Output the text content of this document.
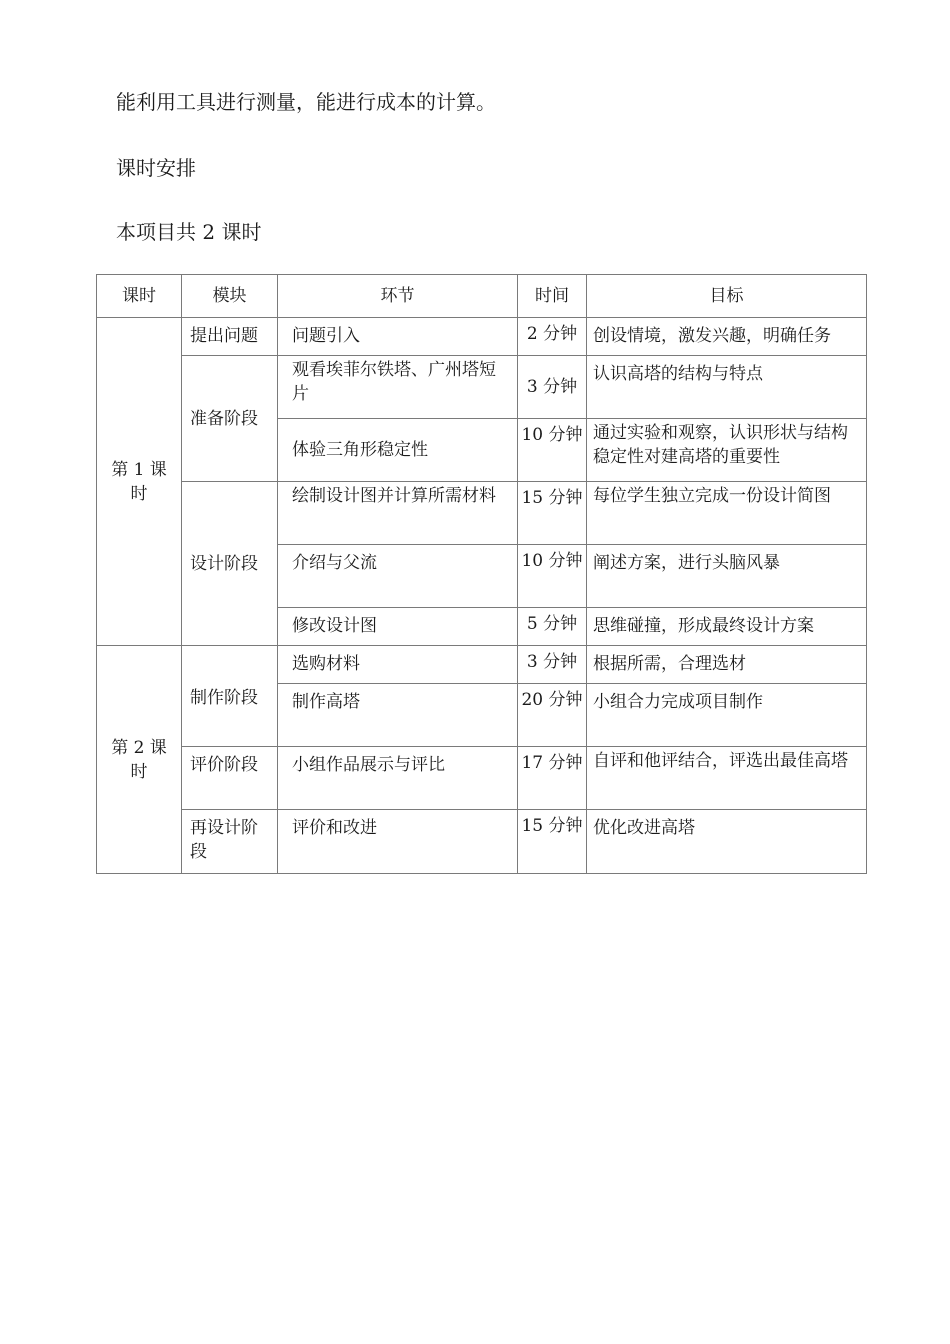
能利用工具进行测量，能进行成本的计算。
课时安排
本项目共 2 课时
课时	模块	环节	时间	目标
第 1 课时	提出问题	问题引入	2 分钟	创设情境，激发兴趣，明确任务

	准备阶段	观看埃菲尔铁塔、广州塔短片	3 分钟	认识高塔的结构与特点
		体验三角形稳定性	10 分钟	通过实验和观察，认识形状与结构稳定性对建高塔的重要性
	设计阶段	绘制设计图并计算所需材料	15 分钟	每位学生独立完成一份设计简图
		介绍与父流	10 分钟	阐述方案，进行头脑风暴
		修改设计图	5 分钟	思维碰撞，形成最终设计方案
第 2 课时	制作阶段	选购材料	3 分钟	根据所需，合理选材
		制作高塔	20 分钟	小组合力完成项目制作
	评价阶段	小组作品展示与评比	17 分钟	自评和他评结合，评选出最佳高塔
	再设计阶段	评价和改进	15 分钟	优化改进高塔
